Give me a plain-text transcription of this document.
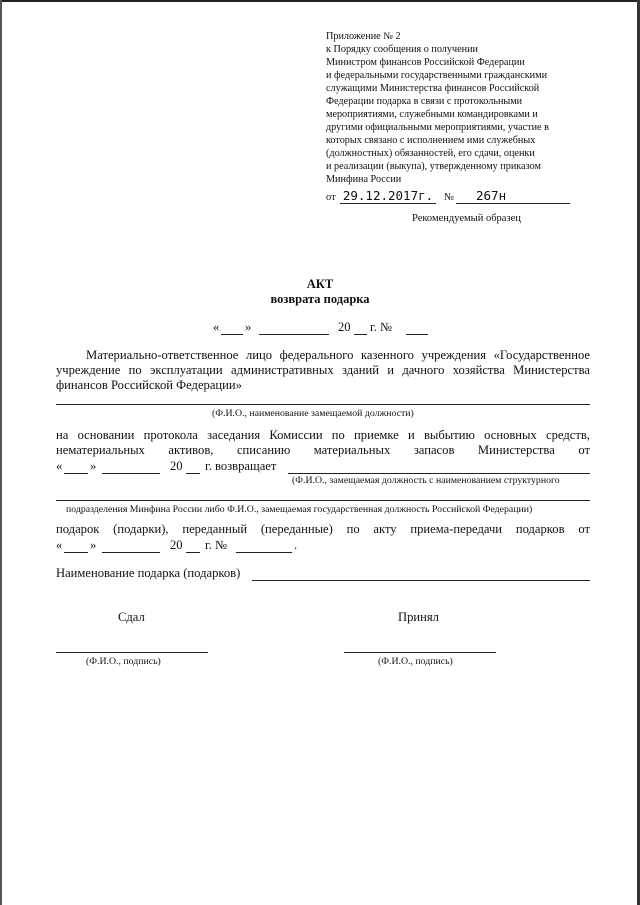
Приложение № 2
к Порядку сообщения о получении
Министром финансов Российской Федерации
и федеральными государственными гражданскими
служащими Министерства финансов Российской
Федерации подарка в связи с протокольными
мероприятиями, служебными командировками и
другими официальными мероприятиями, участие в
которых связано с исполнением ими служебных
(должностных) обязанностей, его сдачи, оценки
и реализации (выкупа), утвержденному приказом
Минфина России
от 29.12.2017г. №	267н
Рекомендуемый образец
АКТ
возврата подарка
« »	20 г. №
Материально-ответственное лицо федерального казенного учреждения «Государственное учреждение по эксплуатации административных зданий и дачного хозяйства Министерства финансов Российской Федерации»
(Ф.И.О., наименование замещаемой должности)
на основании протокола заседания Комиссии по приемке и выбытию основных средств,
нематериальных активов, списанию материальных запасов Министерства от
« »	20 г. возвращает
(Ф.И.О., замещаемая должность с наименованием структурного
подразделения Минфина России либо Ф.И.О., замещаемая государственная должность Российской Федерации)
подарок (подарки), переданный (переданные) по акту приема-передачи подарков от
« »	20 г. №	.
Наименование подарка (подарков)
Сдал	Принял
(Ф.И.О., подпись)	(Ф.И.О., подпись)
